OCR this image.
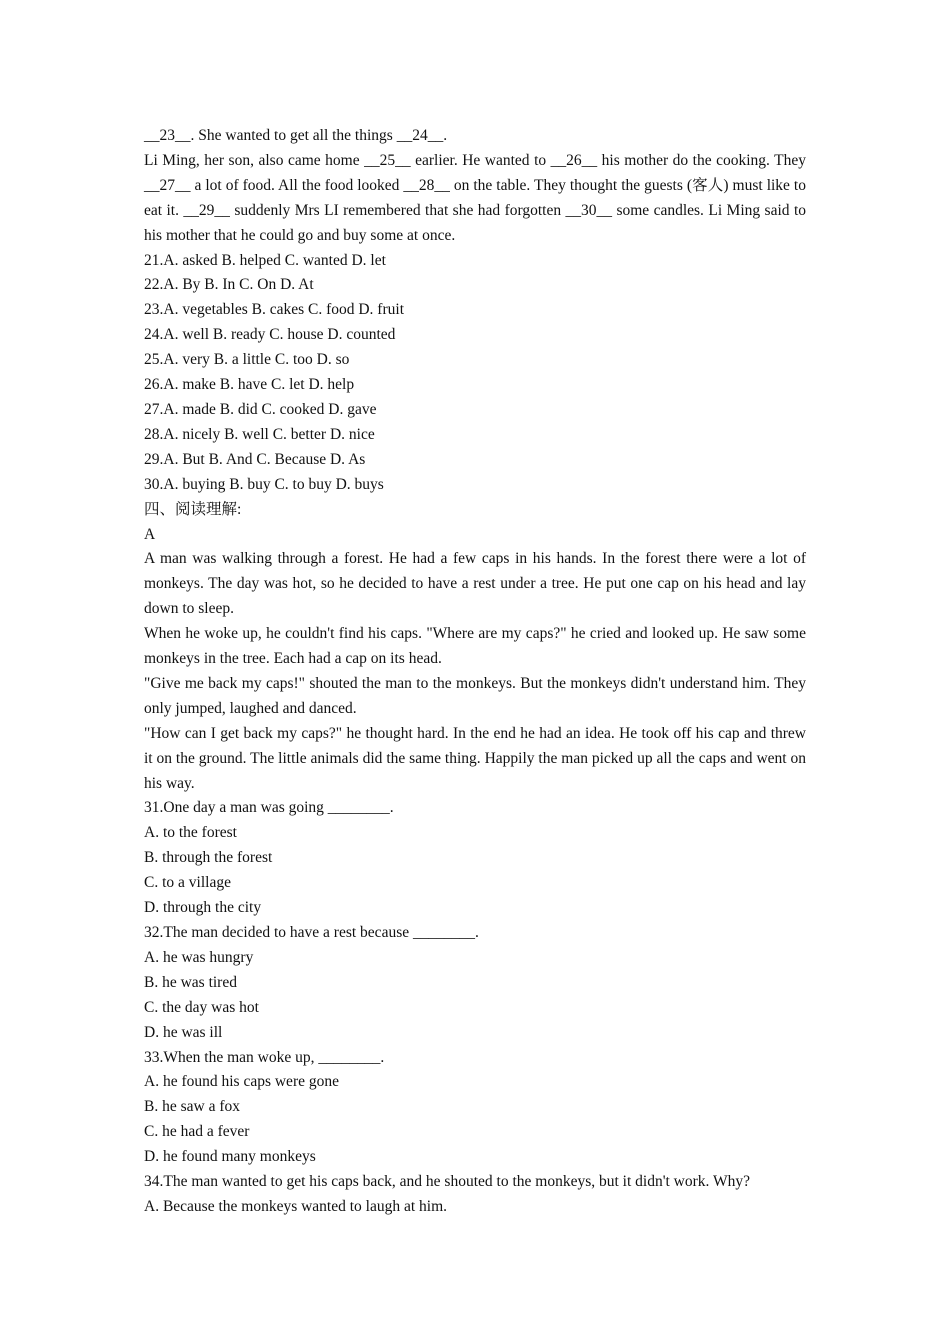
__23__. She wanted to get all the things __24__.

Li Ming, her son, also came home __25__ earlier. He wanted to __26__ his mother do the cooking. They __27__ a lot of food. All the food looked __28__ on the table. They thought the guests (客人) must like to eat it. __29__ suddenly Mrs LI remembered that she had forgotten __30__ some candles. Li Ming said to his mother that he could go and buy some at once.

21.A. asked B. helped C. wanted D. let

22.A. By B. In C. On D. At

23.A. vegetables B. cakes C. food D. fruit

24.A. well B. ready C. house D. counted

25.A. very B. a little C. too D. so

26.A. make B. have C. let D. help

27.A. made B. did C. cooked D. gave

28.A. nicely B. well C. better D. nice

29.A. But B. And C. Because D. As

30.A. buying B. buy C. to buy D. buys

四、阅读理解:

A

A man was walking through a forest. He had a few caps in his hands. In the forest there were a lot of monkeys. The day was hot, so he decided to have a rest under a tree. He put one cap on his head and lay down to sleep.

When he woke up, he couldn't find his caps. "Where are my caps?" he cried and looked up. He saw some monkeys in the tree. Each had a cap on its head.

"Give me back my caps!" shouted the man to the monkeys. But the monkeys didn't understand him. They only jumped, laughed and danced.

"How can I get back my caps?" he thought hard. In the end he had an idea. He took off his cap and threw it on the ground. The little animals did the same thing. Happily the man picked up all the caps and went on his way.

31.One day a man was going ________.

A. to the forest

B. through the forest

C. to a village

D. through the city

32.The man decided to have a rest because ________.

A. he was hungry

B. he was tired

C. the day was hot

D. he was ill

33.When the man woke up, ________.

A. he found his caps were gone

B. he saw a fox

C. he had a fever

D. he found many monkeys

34.The man wanted to get his caps back, and he shouted to the monkeys, but it didn't work. Why?

A. Because the monkeys wanted to laugh at him.
